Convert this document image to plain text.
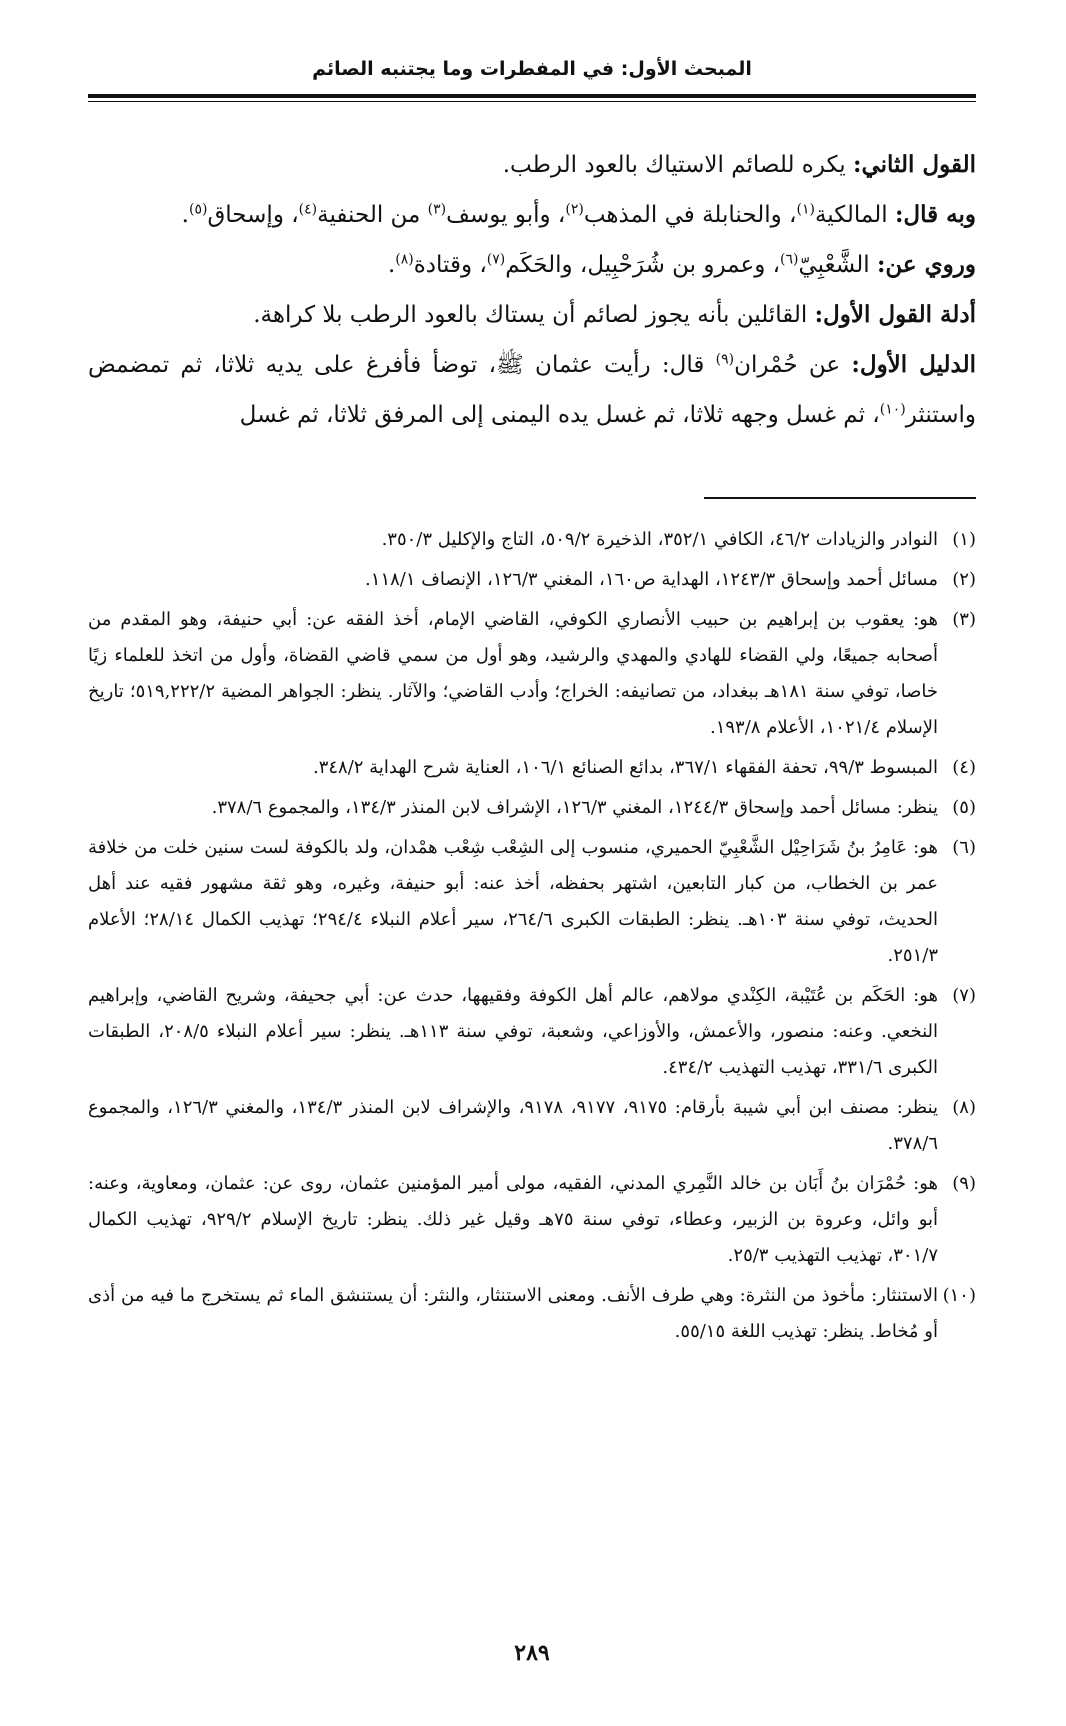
المبحث الأول: في المفطرات وما يجتنبه الصائم

القول الثاني: يكره للصائم الاستياك بالعود الرطب.

وبه قال: المالكية$^{(١)}$، والحنابلة في المذهب$^{(٢)}$، وأبو يوسف$^{(٣)}$ من الحنفية$^{(٤)}$، وإسحاق$^{(٥)}$.

وروي عن: الشَّعْبِيّ$^{(٦)}$، وعمرو بن شُرَحْبِيل، والحَكَم$^{(٧)}$، وقتادة$^{(٨)}$.

أدلة القول الأول: القائلين بأنه يجوز لصائم أن يستاك بالعود الرطب بلا كراهة.

الدليل الأول: عن حُمْران$^{(٩)}$ قال: رأيت عثمان ﷺ، توضأ فأفرغ على يديه ثلاثا، ثم تمضمض واستنثر$^{(١٠)}$، ثم غسل وجهه ثلاثا، ثم غسل يده اليمنى إلى المرفق ثلاثا، ثم غسل

(١)
النوادر والزيادات ٤٦/٢، الكافي ٣٥٢/١، الذخيرة ٥٠٩/٢، التاج والإكليل ٣٥٠/٣.
(٢)
مسائل أحمد وإسحاق ١٢٤٣/٣، الهداية ص١٦٠، المغني ١٢٦/٣، الإنصاف ١١٨/١.
(٣)
هو: يعقوب بن إبراهيم بن حبيب الأنصاري الكوفي، القاضي الإمام، أخذ الفقه عن: أبي حنيفة، وهو المقدم من أصحابه جميعًا، ولي القضاء للهادي والمهدي والرشيد، وهو أول من سمي قاضي القضاة، وأول من اتخذ للعلماء زيًا خاصا، توفي سنة ١٨١هـ ببغداد، من تصانيفه: الخراج؛ وأدب القاضي؛ والآثار. ينظر: الجواهر المضية ٥١٩,٢٢٢/٢؛ تاريخ الإسلام ١٠٢١/٤، الأعلام ١٩٣/٨.
(٤)
المبسوط ٩٩/٣، تحفة الفقهاء ٣٦٧/١، بدائع الصنائع ١٠٦/١، العناية شرح الهداية ٣٤٨/٢.
(٥)
ينظر: مسائل أحمد وإسحاق ١٢٤٤/٣، المغني ١٢٦/٣، الإشراف لابن المنذر ١٣٤/٣، والمجموع ٣٧٨/٦.
(٦)
هو: عَامِرُ بنُ شَرَاحِيْل الشَّعْبِيّ الحميري، منسوب إلى الشِعْب شِعْب همْدان، ولد بالكوفة لست سنين خلت من خلافة عمر بن الخطاب، من كبار التابعين، اشتهر بحفظه، أخذ عنه: أبو حنيفة، وغيره، وهو ثقة مشهور فقيه عند أهل الحديث، توفي سنة ١٠٣هـ. ينظر: الطبقات الكبرى ٢٦٤/٦، سير أعلام النبلاء ٢٩٤/٤؛ تهذيب الكمال ٢٨/١٤؛ الأعلام ٢٥١/٣.
(٧)
هو: الحَكَم بن عُتَيْبة، الكِنْدي مولاهم، عالم أهل الكوفة وفقيهها، حدث عن: أبي جحيفة، وشريح القاضي، وإبراهيم النخعي. وعنه: منصور، والأعمش، والأوزاعي، وشعبة، توفي سنة ١١٣هـ. ينظر: سير أعلام النبلاء ٢٠٨/٥، الطبقات الكبرى ٣٣١/٦، تهذيب التهذيب ٤٣٤/٢.
(٨)
ينظر: مصنف ابن أبي شيبة بأرقام: ٩١٧٥، ٩١٧٧، ٩١٧٨، والإشراف لابن المنذر ١٣٤/٣، والمغني ١٢٦/٣، والمجموع ٣٧٨/٦.
(٩)
هو: حُمْرَان بنُ أَبَان بن خالد النَّمِري المدني، الفقيه، مولى أمير المؤمنين عثمان، روى عن: عثمان، ومعاوية، وعنه: أبو وائل، وعروة بن الزبير، وعطاء، توفي سنة ٧٥هـ وقيل غير ذلك. ينظر: تاريخ الإسلام ٩٢٩/٢، تهذيب الكمال ٣٠١/٧، تهذيب التهذيب ٢٥/٣.
(١٠)
الاستنثار: مأخوذ من النثرة: وهي طرف الأنف. ومعنى الاستنثار، والنثر: أن يستنشق الماء ثم يستخرج ما فيه من أذى أو مُخاط. ينظر: تهذيب اللغة ٥٥/١٥.
٢٨٩
